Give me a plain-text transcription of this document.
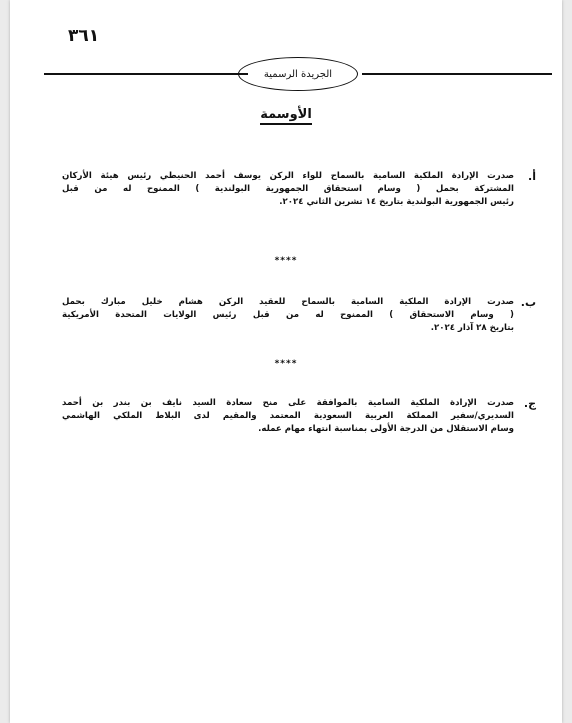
٣٦١
الجريدة الرسمية
الأوسمة
أ.
صدرت الإرادة الملكية السامية بالسماح للواء الركن يوسف أحمد الحنيطي رئيس هيئة الأركان
المشتركة بحمل ( وسام استحقاق الجمهورية البولندية ) الممنوح له من قبل
رئيس الجمهورية البولندية بتاريخ ١٤ تشرين الثاني ٢٠٢٤.
****
ب.
صدرت الإرادة الملكية السامية بالسماح للعقيد الركن هشام خليل مبارك بحمل
( وسام الاستحقاق ) الممنوح له من قبل رئيس الولايات المتحدة الأمريكية
بتاريخ ٢٨ آذار ٢٠٢٤.
****
ج.
صدرت الإرادة الملكية السامية بالموافقة على منح سعادة السيد نايف بن بندر بن أحمد
السديري/سفير المملكة العربية السعودية المعتمد والمقيم لدى البلاط الملكي الهاشمي
وسام الاستقلال من الدرجة الأولى بمناسبة انتهاء مهام عمله.
